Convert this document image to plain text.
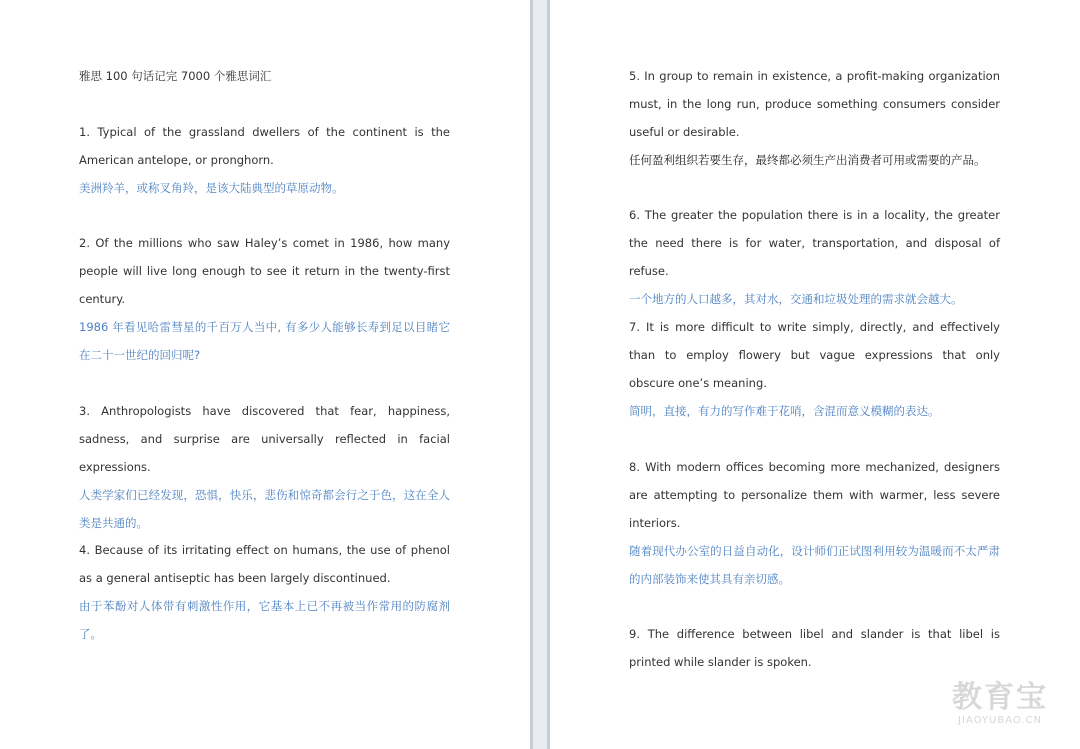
雅思 100 句话记完 7000 个雅思词汇
1. Typical of the grassland dwellers of the continent is the American antelope, or pronghorn.
美洲羚羊，或称叉角羚，是该大陆典型的草原动物。
2. Of the millions who saw Haley’s comet in 1986, how many people will live long enough to see it return in the twenty-first century.
1986 年看见哈雷彗星的千百万人当中, 有多少人能够长寿到足以目睹它在二十一世纪的回归呢?
3. Anthropologists have discovered that fear, happiness, sadness, and surprise are universally reflected in facial expressions.
人类学家们已经发现，恐惧，快乐，悲伤和惊奇都会行之于色，这在全人类是共通的。
4. Because of its irritating effect on humans, the use of phenol as a general antiseptic has been largely discontinued.
由于苯酚对人体带有刺激性作用，它基本上已不再被当作常用的防腐剂了。
5. In group to remain in existence, a profit-making organization must, in the long run, produce something consumers consider useful or desirable.
任何盈利组织若要生存，最终都必须生产出消费者可用或需要的产品。
6. The greater the population there is in a locality, the greater the need there is for water, transportation, and disposal of refuse.
一个地方的人口越多，其对水，交通和垃圾处理的需求就会越大。
7. It is more difficult to write simply, directly, and effectively than to employ flowery but vague expressions that only obscure one’s meaning.
简明，直接，有力的写作难于花哨，含混而意义模糊的表达。
8. With modern offices becoming more mechanized, designers are attempting to personalize them with warmer, less severe interiors.
随着现代办公室的日益自动化，设计师们正试图利用较为温暖而不太严肃的内部装饰来使其具有亲切感。
9. The difference between libel and slander is that libel is printed while slander is spoken.
教育宝
JIAOYUBAO.CN
